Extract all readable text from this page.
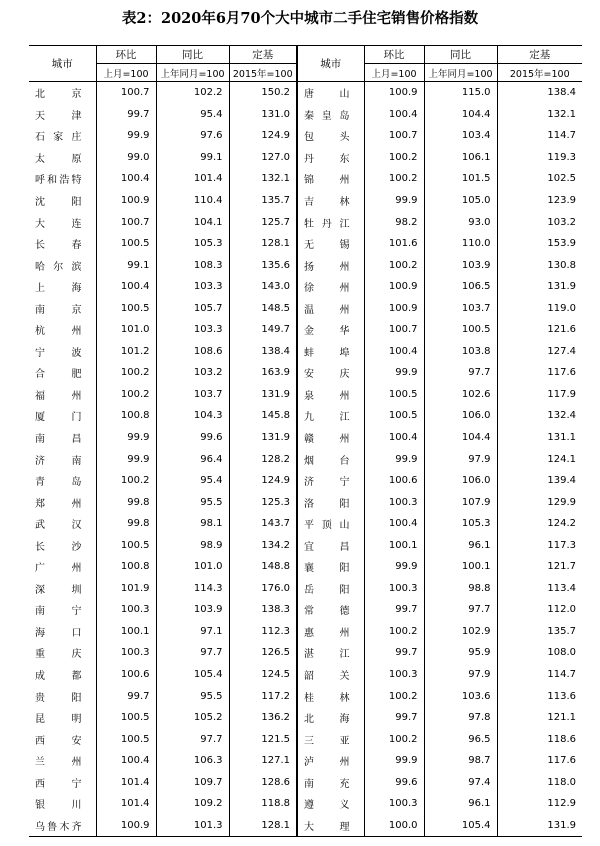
表2：2020年6月70个大中城市二手住宅销售价格指数
城市	环比	同比	定基	城市	环比	同比	定基
	上月=100	上年同月=100	2015年=100		上月=100	上年同月=100	2015年=100
北 京	100.7	102.2	150.2	唐 山	100.9	115.0	138.4
天 津	99.7	95.4	131.0	秦皇岛	100.4	104.4	132.1
石家庄	99.9	97.6	124.9	包 头	100.7	103.4	114.7
太 原	99.0	99.1	127.0	丹 东	100.2	106.1	119.3
呼和浩特	100.4	101.4	132.1	锦 州	100.2	101.5	102.5
沈 阳	100.9	110.4	135.7	吉 林	99.9	105.0	123.9
大 连	100.7	104.1	125.7	牡丹江	98.2	93.0	103.2
长 春	100.5	105.3	128.1	无 锡	101.6	110.0	153.9
哈尔滨	99.1	108.3	135.6	扬 州	100.2	103.9	130.8
上 海	100.4	103.3	143.0	徐 州	100.9	106.5	131.9
南 京	100.5	105.7	148.5	温 州	100.9	103.7	119.0
杭 州	101.0	103.3	149.7	金 华	100.7	100.5	121.6
宁 波	101.2	108.6	138.4	蚌 埠	100.4	103.8	127.4
合 肥	100.2	103.2	163.9	安 庆	99.9	97.7	117.6
福 州	100.2	103.7	131.9	泉 州	100.5	102.6	117.9
厦 门	100.8	104.3	145.8	九 江	100.5	106.0	132.4
南 昌	99.9	99.6	131.9	赣 州	100.4	104.4	131.1
济 南	99.9	96.4	128.2	烟 台	99.9	97.9	124.1
青 岛	100.2	95.4	124.9	济 宁	100.6	106.0	139.4
郑 州	99.8	95.5	125.3	洛 阳	100.3	107.9	129.9
武 汉	99.8	98.1	143.7	平顶山	100.4	105.3	124.2
长 沙	100.5	98.9	134.2	宜 昌	100.1	96.1	117.3
广 州	100.8	101.0	148.8	襄 阳	99.9	100.1	121.7
深 圳	101.9	114.3	176.0	岳 阳	100.3	98.8	113.4
南 宁	100.3	103.9	138.3	常 德	99.7	97.7	112.0
海 口	100.1	97.1	112.3	惠 州	100.2	102.9	135.7
重 庆	100.3	97.7	126.5	湛 江	99.7	95.9	108.0
成 都	100.6	105.4	124.5	韶 关	100.3	97.9	114.7
贵 阳	99.7	95.5	117.2	桂 林	100.2	103.6	113.6
昆 明	100.5	105.2	136.2	北 海	99.7	97.8	121.1
西 安	100.5	97.7	121.5	三 亚	100.2	96.5	118.6
兰 州	100.4	106.3	127.1	泸 州	99.9	98.7	117.6
西 宁	101.4	109.7	128.6	南 充	99.6	97.4	118.0
银 川	101.4	109.2	118.8	遵 义	100.3	96.1	112.9
乌鲁木齐	100.9	101.3	128.1	大 理	100.0	105.4	131.9
